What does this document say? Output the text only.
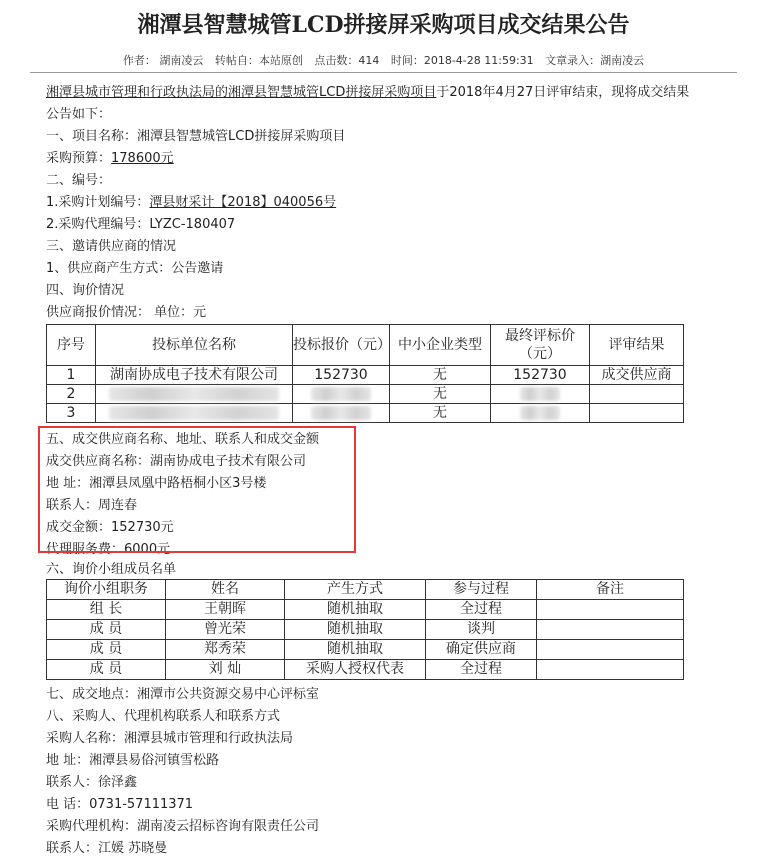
湘潭县智慧城管LCD拼接屏采购项目成交结果公告
作者： 湖南凌云 转帖自：本站原创 点击数：414 时间：2018-4-28 11:59:31 文章录入：湖南凌云
湘潭县城市管理和行政执法局的湘潭县智慧城管LCD拼接屏采购项目于2018年4月27日评审结束，现将成交结果
公告如下：
一、项目名称：湘潭县智慧城管LCD拼接屏采购项目
采购预算：178600元
二、编号：
1.采购计划编号：潭县财采计【2018】040056号
2.采购代理编号：LYZC-180407
三、邀请供应商的情况
1、供应商产生方式：公告邀请
四、询价情况
供应商报价情况： 单位：元
序号	投标单位名称	投标报价（元）	中小企业类型	最终评标价（元）	评审结果
1	湖南协成电子技术有限公司	152730	无	152730	成交供应商
2			无		
3			无		
五、成交供应商名称、地址、联系人和成交金额
成交供应商名称：湖南协成电子技术有限公司
地 址：湘潭县凤凰中路梧桐小区3号楼
联系人：周连春
成交金额：152730元
代理服务费：6000元
六、询价小组成员名单
询价小组职务	姓名	产生方式	参与过程	备注
组 长	王朝晖	随机抽取	全过程	
成 员	曾光荣	随机抽取	谈判	
成 员	郑秀荣	随机抽取	确定供应商	
成 员	刘 灿	采购人授权代表	全过程	
七、成交地点：湘潭市公共资源交易中心评标室
八、采购人、代理机构联系人和联系方式
采购人名称：湘潭县城市管理和行政执法局
地 址：湘潭县易俗河镇雪松路
联系人：徐泽鑫
电 话：0731-57111371
采购代理机构：湖南凌云招标咨询有限责任公司
联系人：江媛 苏晓曼
